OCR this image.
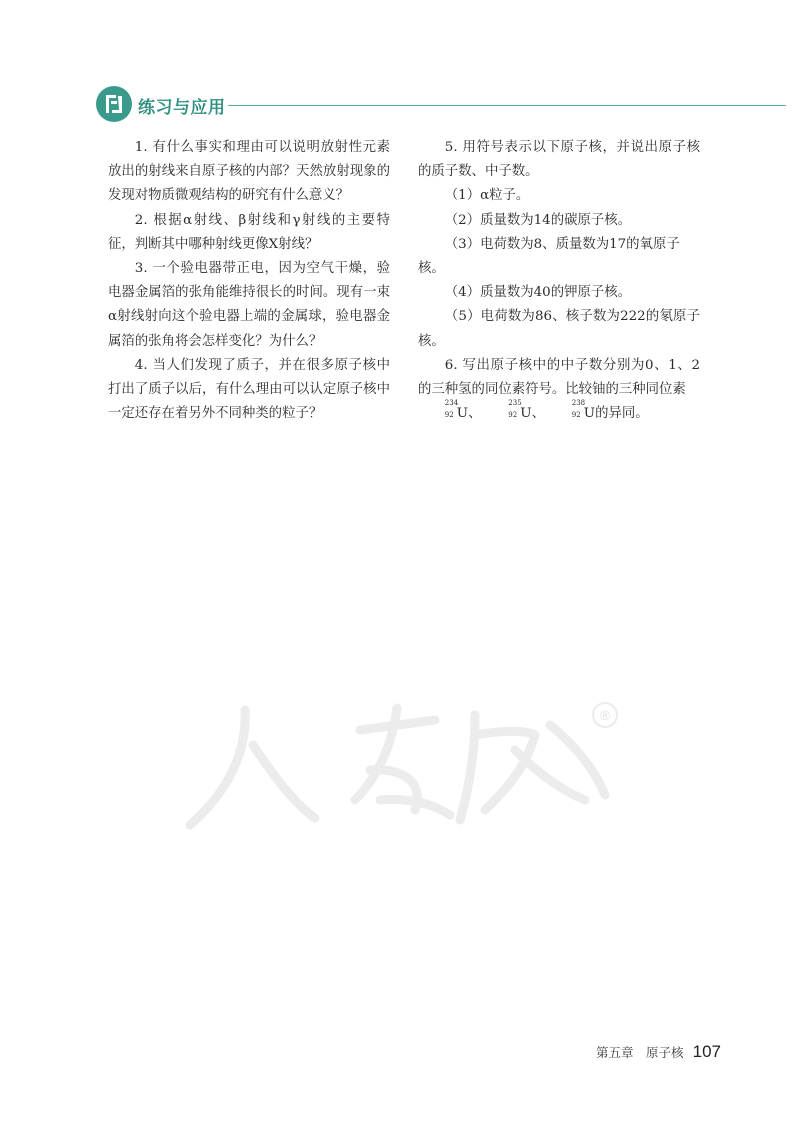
练习与应用

1. 有什么事实和理由可以说明放射性元素放出的射线来自原子核的内部？天然放射现象的发现对物质微观结构的研究有什么意义？

2. 根据α射线、β射线和γ射线的主要特征，判断其中哪种射线更像X射线？

3. 一个验电器带正电，因为空气干燥，验电器金属箔的张角能维持很长的时间。现有一束α射线射向这个验电器上端的金属球，验电器金属箔的张角将会怎样变化？为什么？

4. 当人们发现了质子，并在很多原子核中打出了质子以后，有什么理由可以认定原子核中一定还存在着另外不同种类的粒子？

5. 用符号表示以下原子核，并说出原子核的质子数、中子数。

（1）α粒子。

（2）质量数为14的碳原子核。

（3）电荷数为8、质量数为17的氧原子核。

（4）质量数为40的钾原子核。

（5）电荷数为86、核子数为222的氡原子核。

6. 写出原子核中的中子数分别为0、1、2的三种氢的同位素符号。比较铀的三种同位素

234
92 U、
235
92 U、
238
92 U的异同。

®
第五章　原子核 107
